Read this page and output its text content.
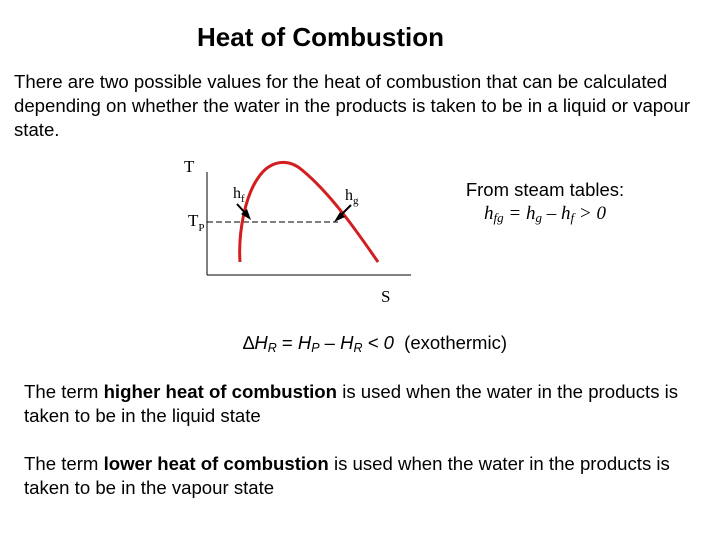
Heat of Combustion

There are two possible values for the heat of combustion that can be calculated depending on whether the water in the products is taken to be in a liquid or vapour state.

T
S
$T_P$
$h_f$	$h_g$
From steam tables:
$h_{fg} = h_g - h_f > 0$
$\Delta H_R = H_P - H_R < 0$  (exothermic)

The term higher heat of combustion is used when the water in the products is taken to be in the liquid state

The term lower heat of combustion is used when the water in the products is taken to be in the vapour state
